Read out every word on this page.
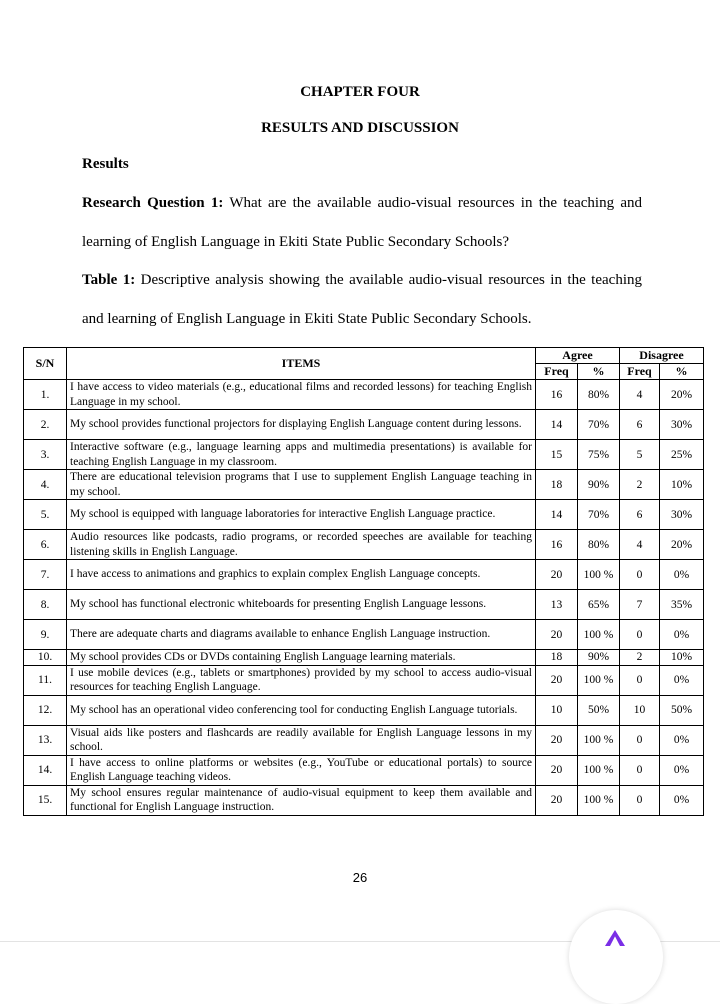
CHAPTER FOUR
RESULTS AND DISCUSSION
Results
Research Question 1: What are the available audio-visual resources in the teaching and learning of English Language in Ekiti State Public Secondary Schools?
Table 1: Descriptive analysis showing the available audio-visual resources in the teaching and learning of English Language in Ekiti State Public Secondary Schools.
S/N	ITEMS	Agree		Disagree	
		Freq	%	Freq	%
1.	I have access to video materials (e.g., educational films and recorded lessons) for teaching English Language in my school.	16	80%	4	20%
2.	My school provides functional projectors for displaying English Language content during lessons.	14	70%	6	30%
3.	Interactive software (e.g., language learning apps and multimedia presentations) is available for teaching English Language in my classroom.	15	75%	5	25%
4.	There are educational television programs that I use to supplement English Language teaching in my school.	18	90%	2	10%
5.	My school is equipped with language laboratories for interactive English Language practice.	14	70%	6	30%
6.	Audio resources like podcasts, radio programs, or recorded speeches are available for teaching listening skills in English Language.	16	80%	4	20%
7.	I have access to animations and graphics to explain complex English Language concepts.	20	100 %	0	0%
8.	My school has functional electronic whiteboards for presenting English Language lessons.	13	65%	7	35%
9.	There are adequate charts and diagrams available to enhance English Language instruction.	20	100 %	0	0%
10.	My school provides CDs or DVDs containing English Language learning materials.	18	90%	2	10%
11.	I use mobile devices (e.g., tablets or smartphones) provided by my school to access audio-visual resources for teaching English Language.	20	100 %	0	0%
12.	My school has an operational video conferencing tool for conducting English Language tutorials.	10	50%	10	50%
13.	Visual aids like posters and flashcards are readily available for English Language lessons in my school.	20	100 %	0	0%
14.	I have access to online platforms or websites (e.g., YouTube or educational portals) to source English Language teaching videos.	20	100 %	0	0%
15.	My school ensures regular maintenance of audio-visual equipment to keep them available and functional for English Language instruction.	20	100 %	0	0%
26
